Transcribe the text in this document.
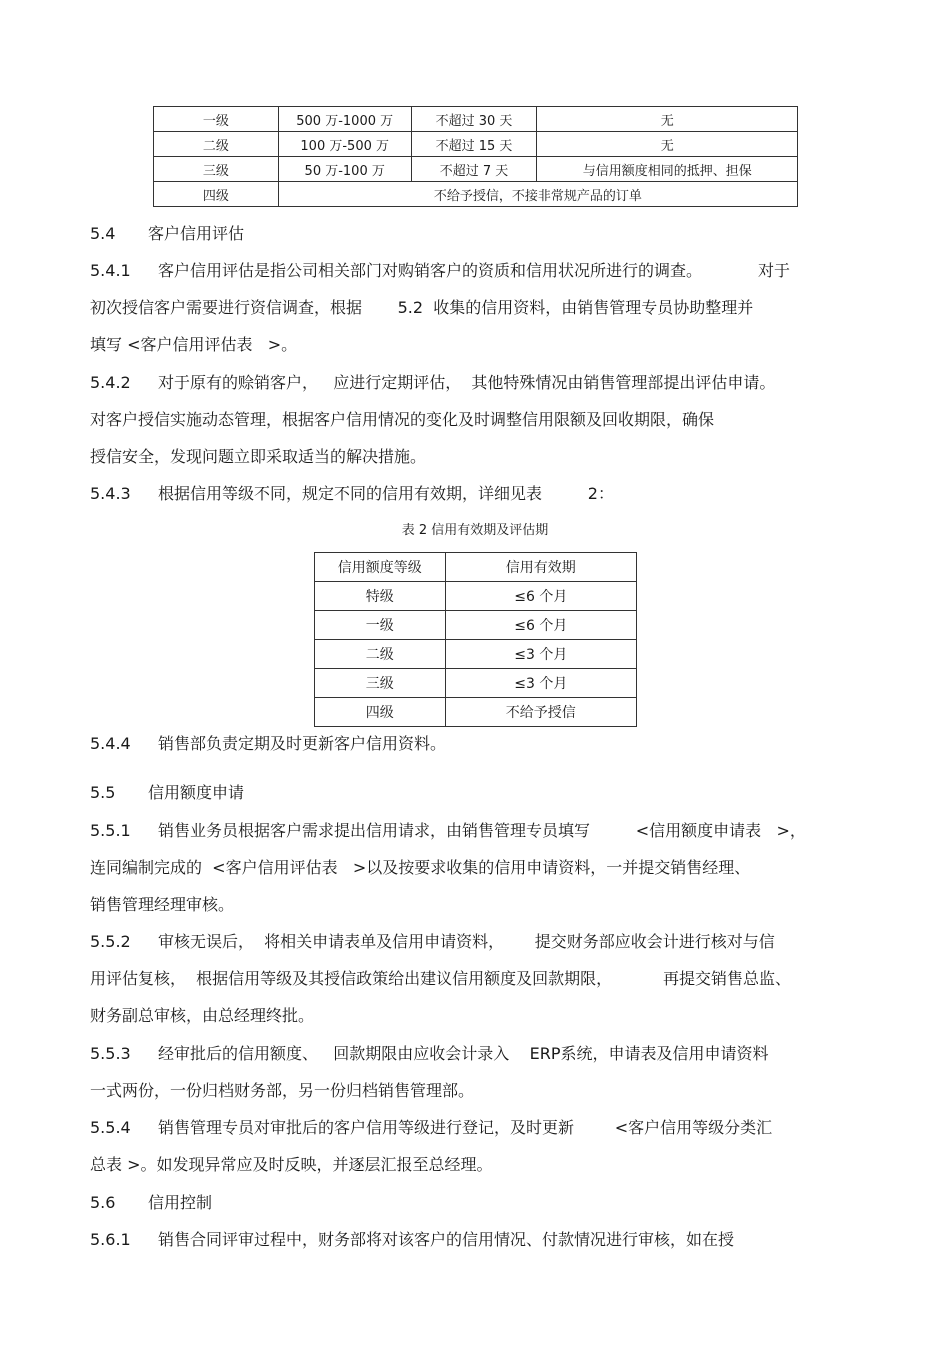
一级	500 万-1000 万	不超过 30 天	无
二级	100 万-500 万	不超过 15 天	无
三级	50 万-100 万	不超过 7 天	与信用额度相同的抵押、担保
四级	不给予授信，不接非常规产品的订单		
5.4 客户信用评估
5.4.1 客户信用评估是指公司相关部门对购销客户的资质和信用状况所进行的调查。           对于
初次授信客户需要进行资信调查，根据       5.2  收集的信用资料，由销售管理专员协助整理并
填写 <客户信用评估表   >。
5.4.2 对于原有的赊销客户，   应进行定期评估，  其他特殊情况由销售管理部提出评估申请。
对客户授信实施动态管理，根据客户信用情况的变化及时调整信用限额及回收期限，确保
授信安全，发现问题立即采取适当的解决措施。
5.4.3 根据信用等级不同，规定不同的信用有效期，详细见表         2：
表 2 信用有效期及评估期
信用额度等级	信用有效期
特级	≤6 个月
一级	≤6 个月
二级	≤3 个月
三级	≤3 个月
四级	不给予授信
5.4.4 销售部负责定期及时更新客户信用资料。
5.5 信用额度申请
5.5.1 销售业务员根据客户需求提出信用请求，由销售管理专员填写         <信用额度申请表   >，
连同编制完成的  <客户信用评估表   >以及按要求收集的信用申请资料，一并提交销售经理、
销售管理经理审核。
5.5.2 审核无误后，  将相关申请表单及信用申请资料，      提交财务部应收会计进行核对与信
用评估复核，  根据信用等级及其授信政策给出建议信用额度及回款期限，          再提交销售总监、
财务副总审核，由总经理终批。
5.5.3 经审批后的信用额度、   回款期限由应收会计录入    ERP系统，申请表及信用申请资料
一式两份，一份归档财务部，另一份归档销售管理部。
5.5.4 销售管理专员对审批后的客户信用等级进行登记，及时更新        <客户信用等级分类汇
总表 >。如发现异常应及时反映，并逐层汇报至总经理。
5.6 信用控制
5.6.1 销售合同评审过程中，财务部将对该客户的信用情况、付款情况进行审核，如在授
